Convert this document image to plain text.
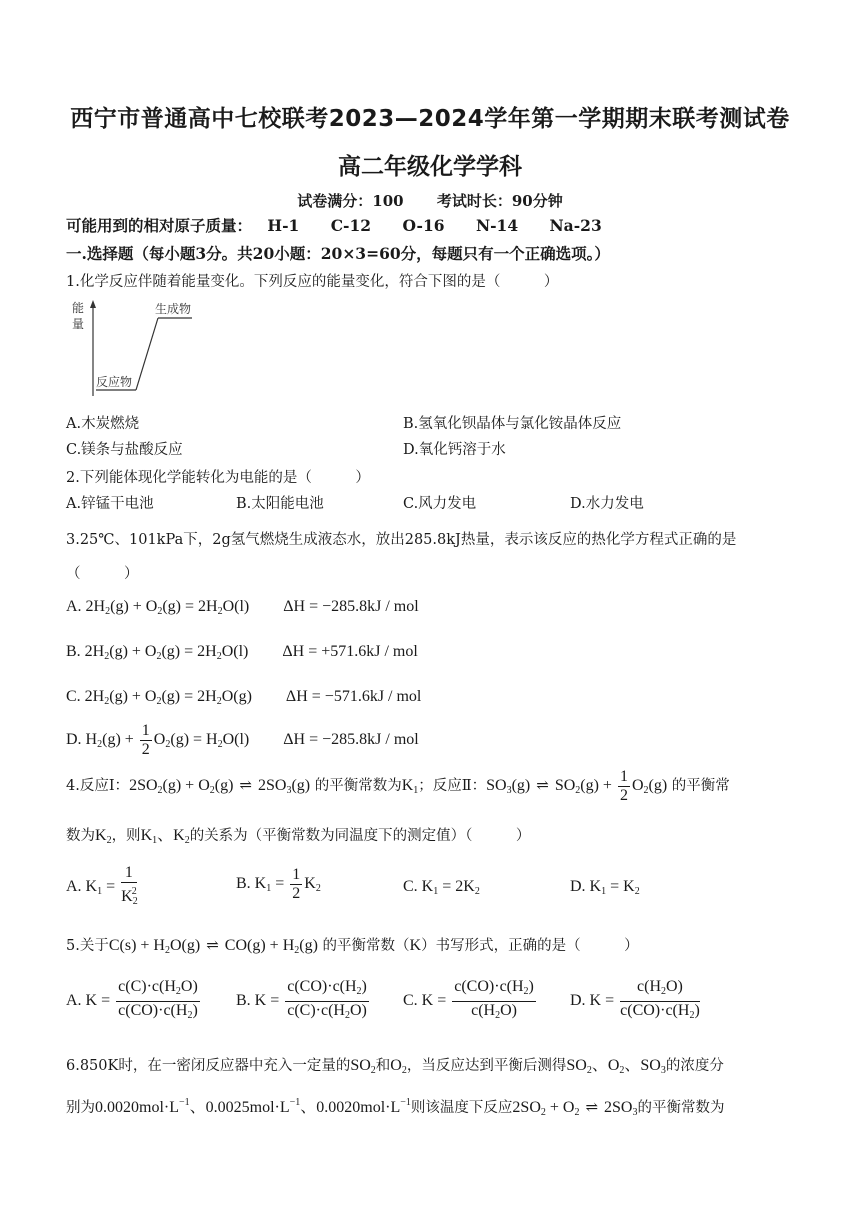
西宁市普通高中七校联考2023—2024学年第一学期期末联考测试卷
高二年级化学学科
试卷满分：100 考试时长：90分钟
可能用到的相对原子质量： H-1 C-12 O-16 N-14 Na-23
一.选择题（每小题3分。共20小题：20×3=60分，每题只有一个正确选项。）
1.化学反应伴随着能量变化。下列反应的能量变化，符合下图的是（　　　）
能
量
生成物
反应物
A.木炭燃烧	B.氢氧化钡晶体与氯化铵晶体反应
C.镁条与盐酸反应	D.氧化钙溶于水
2.下列能体现化学能转化为电能的是（　　　）
A.锌锰干电池	B.太阳能电池	C.风力发电	D.水力发电
3.25℃、101kPa下，2g氢气燃烧生成液态水，放出285.8kJ热量，表示该反应的热化学方程式正确的是
（　　　）
A. $2H_2(g) + O_2(g) = 2H_2O(l) \Delta H = -285.8kJ$ / mol
B. $2H_2(g) + O_2(g) = 2H_2O(l) \Delta H = +571.6kJ$ / mol
C. $2H_2(g) + O_2(g) = 2H_2O(g) \Delta H = -571.6kJ$ / mol
D. $H_2(g) + \frac{1}{2} O_2(g) = H_2O(l) \Delta H = -285.8kJ$ / mol
4.反应Ⅰ：$2SO_2(g) + O_2(g)$ ⇌ $2SO_3(g)$ 的平衡常数为$K_1$；反应Ⅱ：$SO_3(g)$ ⇌ $SO_2(g) + \frac{1}{2} O_2(g)$ 的平衡常
数为$K_2$，则$K_1$、$K_2$的关系为（平衡常数为同温度下的测定值）（　　　）
A. $K_1 = \frac{1}{K_2^2}$	B. $K_1 = \frac{1}{2} K_2$	C. $K_1 = 2K_2$	D. $K_1 = K_2$
5.关于$C(s) + H_2O(g)$ ⇌ $CO(g) + H_2(g)$ 的平衡常数（K）书写形式，正确的是（　　　）
A. $K = \frac{c(C)\cdot c(H_2O)}{c(CO)\cdot c(H_2)} B$. $K = \frac{c(CO)\cdot c(H_2)}{c(C)\cdot c(H_2O)} C$. $K = \frac{c(CO)\cdot c(H_2)}{c(H_2O)} D$. $K = \frac{c(H_2O)}{c(CO)\cdot c(H_2)}$
6.850K时，在一密闭反应器中充入一定量的$SO_2$和$O_2$，当反应达到平衡后测得$SO_2$、$O_2$、$SO_3$的浓度分
别为$0.0020mol\cdot L^{-1}$、$0.0025mol\cdot L^{-1}$、$0.0020mol\cdot L^{-1}$则该温度下反应$2SO_2 + O_2$ ⇌ $2SO_3$的平衡常数为
